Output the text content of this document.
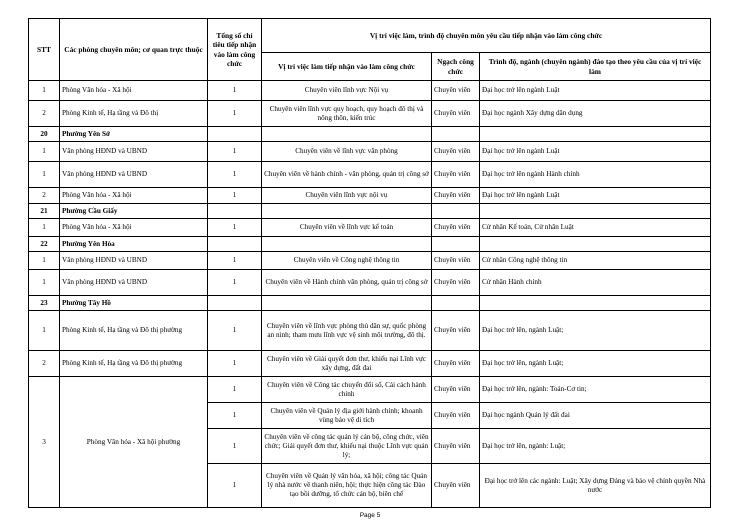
STT	Các phòng chuyên môn; cơ quan trực thuộc	Tổng số chỉ tiêu tiếp nhận vào làm công chức	Vị trí việc làm, trình độ chuyên môn yêu cầu tiếp nhận vào làm công chức		
			Vị trí việc làm tiếp nhận vào làm công chức	Ngạch công chức	Trình độ, ngành (chuyên ngành) đào tạo theo yêu cầu của vị trí việc làm
1	Phòng Văn hóa - Xã hội	1	Chuyên viên lĩnh vực Nội vụ	Chuyên viên	Đại học trở lên ngành Luật
2	Phòng Kinh tế, Hạ tầng và Đô thị	1	Chuyên viên lĩnh vực quy hoạch, quy hoạch đô thị và nông thôn, kiến trúc	Chuyên viên	Đại học ngành Xây dựng dân dụng
20	Phường Yên Sở				
1	Văn phòng HĐND và UBND	1	Chuyên viên về lĩnh vực văn phòng	Chuyên viên	Đại học trở lên ngành Luật
1	Văn phòng HĐND và UBND	1	Chuyên viên về hành chính - văn phòng, quản trị công sở	Chuyên viên	Đại học trở lên ngành Hành chính
2	Phòng Văn hóa - Xã hội	1	Chuyên viên lĩnh vực nội vụ	Chuyên viên	Đại học trở lên ngành Luật
21	Phường Cầu Giấy				
1	Phòng Văn hóa - Xã hội	1	Chuyên viên về lĩnh vực kế toán	Chuyên viên	Cử nhân Kế toán, Cử nhân Luật
22	Phường Yên Hòa				
1	Văn phòng HĐND và UBND	1	Chuyên viên về Công nghệ thông tin	Chuyên viên	Cử nhân Công nghệ thông tin
1	Văn phòng HĐND và UBND	1	Chuyên viên về Hành chính văn phòng, quản trị công sở	Chuyên viên	Cử nhân Hành chính
23	Phường Tây Hồ				
1	Phòng Kinh tế, Hạ tầng và Đô thị phường	1	Chuyên viên về lĩnh vực phòng thủ dân sự, quốc phòng an ninh; tham mưu lĩnh vực vệ sinh môi trường, đô thị.	Chuyên viên	Đại học trở lên, ngành Luật;
2	Phòng Kinh tế, Hạ tầng và Đô thị phường	1	Chuyên viên về Giải quyết đơn thư, khiếu nại Lĩnh vực xây dựng, đất đai	Chuyên viên	Đại học trở lên, ngành Luật;
3	Phòng Văn hóa - Xã hội phường	1	Chuyên viên về Công tác chuyển đổi số, Cải cách hành chính	Chuyên viên	Đại học trở lên, ngành: Toán-Cơ tin;
		1	Chuyên viên về Quản lý địa giới hành chính; khoanh vùng bảo vệ di tích	Chuyên viên	Đại học ngành Quản lý đất đai
		1	Chuyên viên về công tác quản lý cán bộ, công chức, viên chức; Giải quyết đơn thư, khiếu nại thuộc Lĩnh vực quản lý;	Chuyên viên	Đại học trở lên, ngành: Luật;
		1	Chuyên viên về Quản lý văn hóa, xã hội; công tác Quản lý nhà nước về thanh niên, hội; thực hiện công tác Đào tạo bồi dưỡng, tổ chức cán bộ, biên chế	Chuyên viên	Đại học trở lên các ngành: Luật; Xây dựng Đảng và bảo vệ chính quyền Nhà nước
Page 5
